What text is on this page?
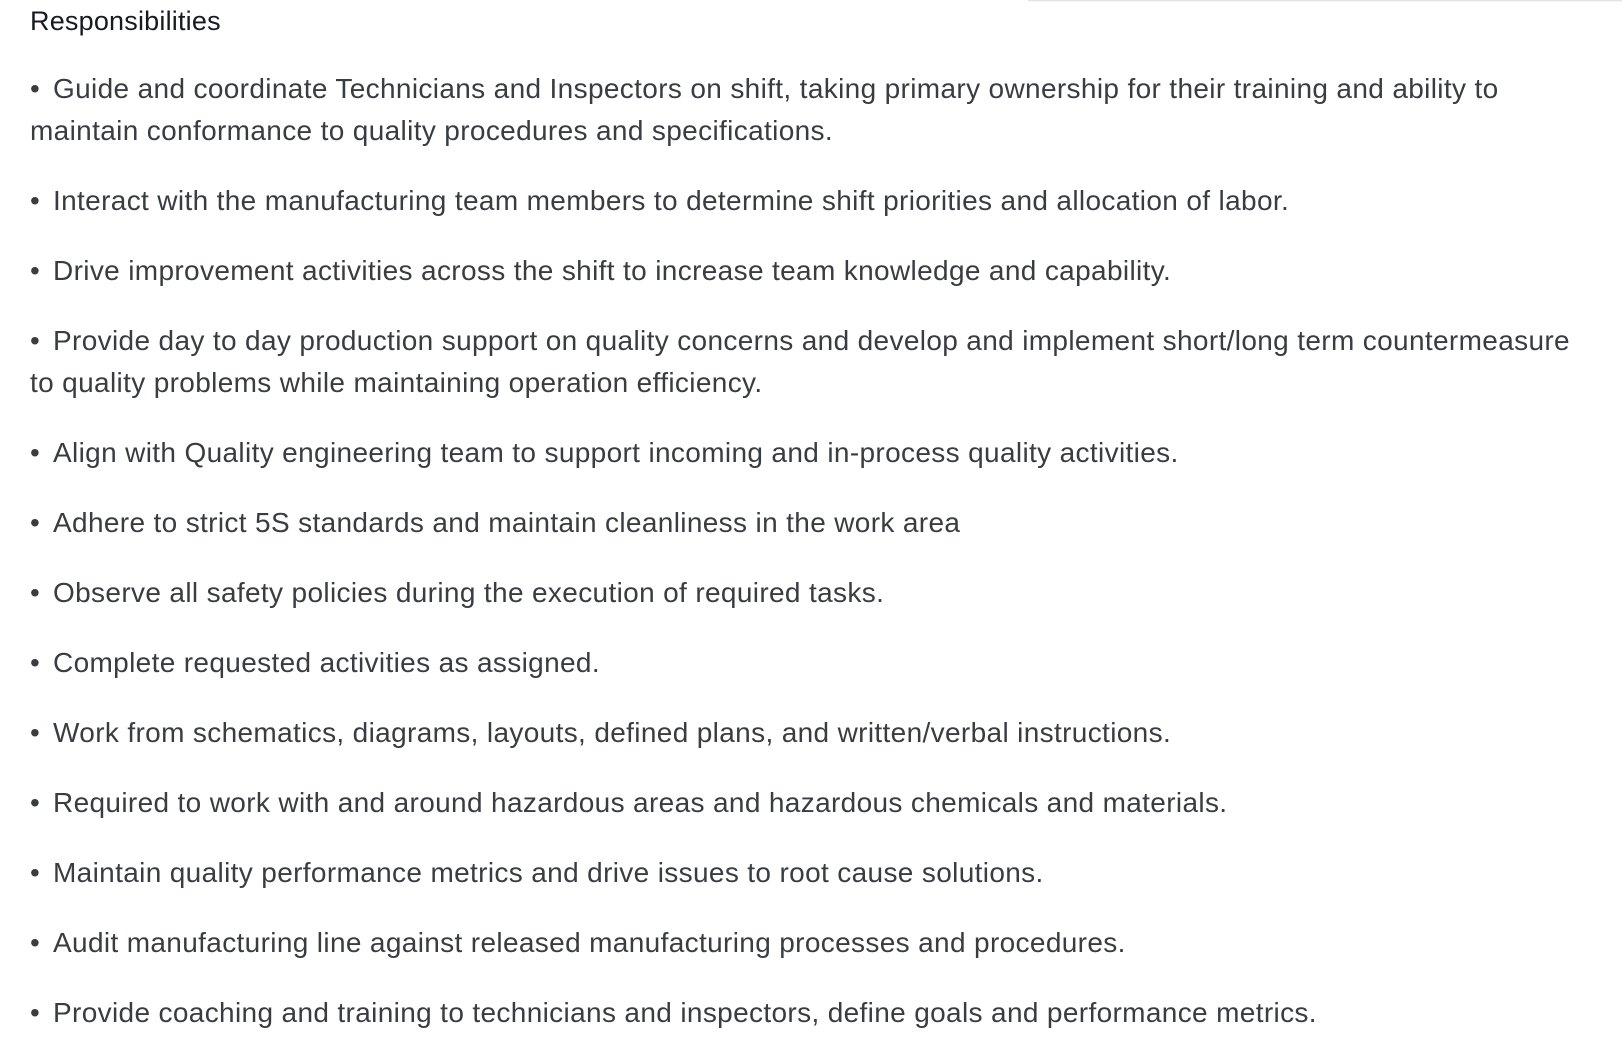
Responsibilities
• Guide and coordinate Technicians and Inspectors on shift, taking primary ownership for their training and ability to maintain conformance to quality procedures and specifications.
• Interact with the manufacturing team members to determine shift priorities and allocation of labor.
• Drive improvement activities across the shift to increase team knowledge and capability.
• Provide day to day production support on quality concerns and develop and implement short/long term countermeasure to quality problems while maintaining operation efficiency.
• Align with Quality engineering team to support incoming and in-process quality activities.
• Adhere to strict 5S standards and maintain cleanliness in the work area
• Observe all safety policies during the execution of required tasks.
• Complete requested activities as assigned.
• Work from schematics, diagrams, layouts, defined plans, and written/verbal instructions.
• Required to work with and around hazardous areas and hazardous chemicals and materials.
• Maintain quality performance metrics and drive issues to root cause solutions.
• Audit manufacturing line against released manufacturing processes and procedures.
• Provide coaching and training to technicians and inspectors, define goals and performance metrics.
